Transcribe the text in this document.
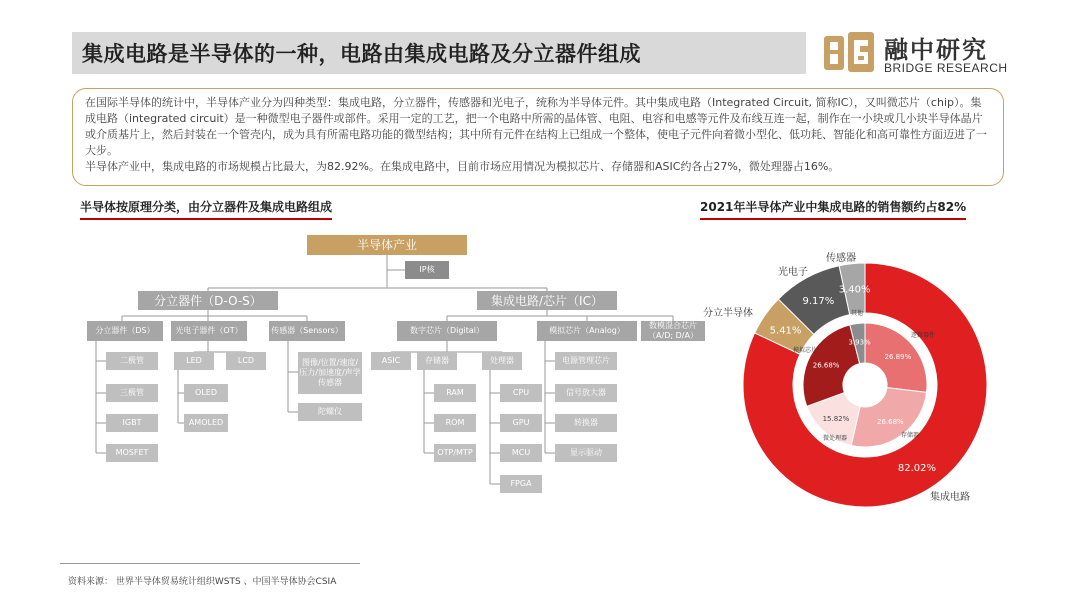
集成电路是半导体的一种，电路由集成电路及分立器件组成	融中研究
BRIDGE RESEARCH

在国际半导体的统计中，半导体产业分为四种类型：集成电路，分立器件，传感器和光电子，统称为半导体元件。其中集成电路（Integrated Circuit, 简称IC），又叫微芯片（chip）。集成电路（integrated circuit）是一种微型电子器件或部件。采用一定的工艺，把一个电路中所需的晶体管、电阻、电容和电感等元件及布线互连一起，制作在一小块或几小块半导体晶片或介质基片上，然后封装在一个管壳内，成为具有所需电路功能的微型结构；其中所有元件在结构上已组成一个整体，使电子元件向着微小型化、低功耗、智能化和高可靠性方面迈进了一大步。

半导体产业中，集成电路的市场规模占比最大，为82.92%。在集成电路中，目前市场应用情况为模拟芯片、存储器和ASIC约各占27%，微处理器占16%。

半导体按原理分类，由分立器件及集成电路组成	2021年半导体产业中集成电路的销售额约占82%
半导体产业
IP核
分立器件（D-O-S）	集成电路/芯片（IC）
分立器件（DS）	光电子器件（OT）	传感器（Sensors）	数字芯片（Digital）	模拟芯片（Analog）
数模混合芯片（A/D; D/A）
二极管
三极管
IGBT
MOSFET
LED	LCD
OLED
AMOLED
图像/位置/速度/压力/加速度/声学传感器
陀螺仪
ASIC	存储器	处理器
RAM
ROM
OTP/MTP
CPU
GPU
MCU
FPGA
电源管理芯片
信号放大器
转换器
显示驱动
82.02%
5.41%
9.17%
3.40%
集成电路
分立半导体
光电子
传感器
26.89%
26.68%
15.82%
26.68%
3.93%
逻辑器件
存储器
微处理器
模拟芯片
其他
资料来源： 世界半导体贸易统计组织WSTS 、中国半导体协会CSIA
